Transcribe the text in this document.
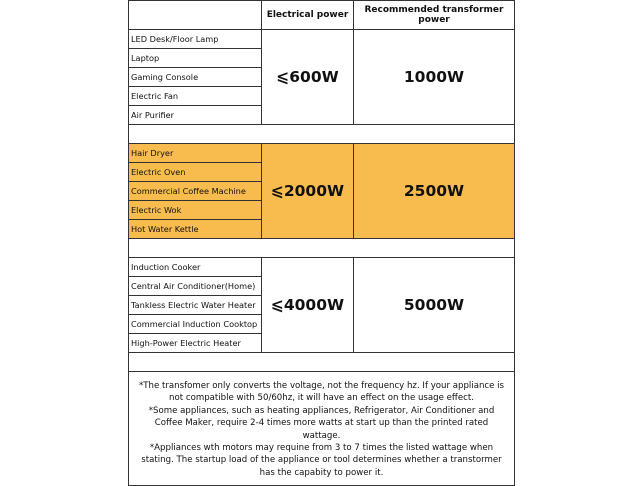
	Electrical power	Recommended transformer power
LED Desk/Floor Lamp	⩽600W	1000W
Laptop		
Gaming Console		
Electric Fan		
Air Purifier		

Hair Dryer	⩽2000W	2500W
Electric Oven		
Commercial Coffee Machine		
Electric Wok		
Hot Water Kettle		

Induction Cooker	⩽4000W	5000W
Central Air Conditioner(Home)		
Tankless Electric Water Heater		
Commercial Induction Cooktop		
High-Power Electric Heater		

*The transfomer only converts the voltage, not the frequency hz. If your appliance is not compatible with 50/60hz, it will have an effect on the usage effect.
*Some appliances, such as heating appliances, Refrigerator, Air Conditioner and Coffee Maker, require 2-4 times more watts at start up than the printed rated wattage.
*Appliances wth motors may requine from 3 to 7 times the listed wattage when stating. The startup load of the appliance or tool determines whether a transtormer has the capabity to power it.		
